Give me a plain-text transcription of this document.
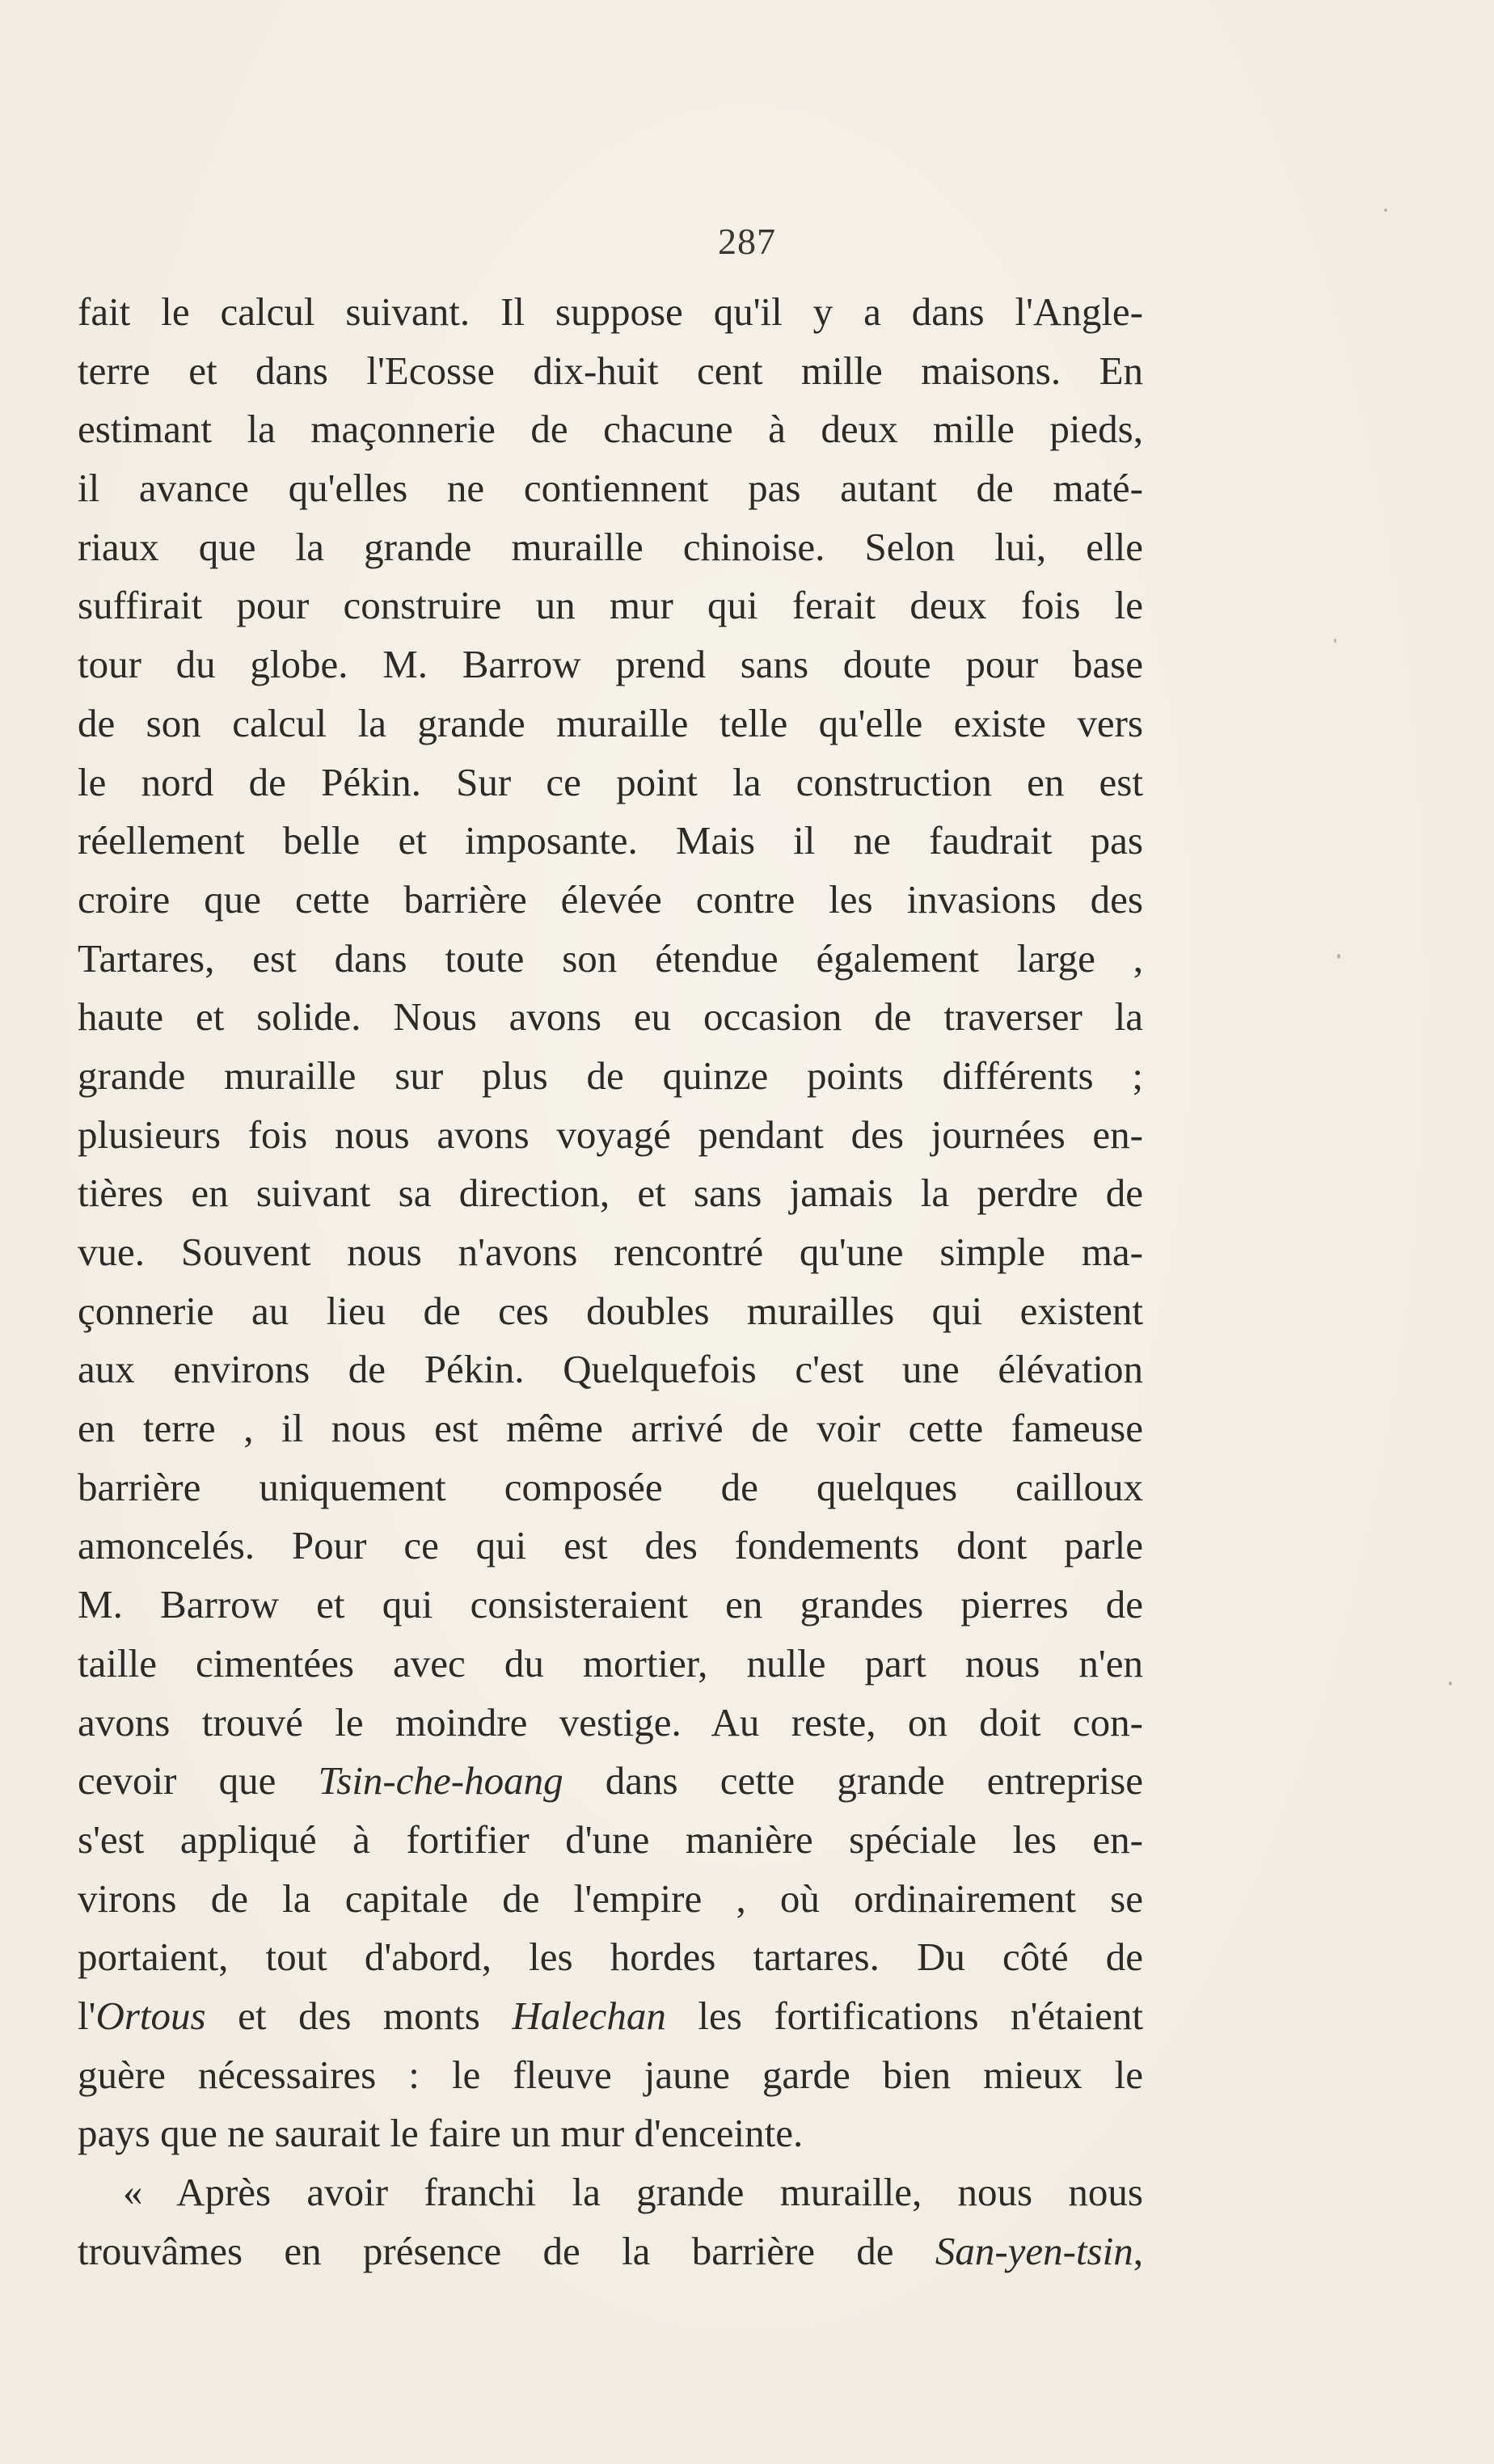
287
fait le calcul suivant. Il suppose qu'il y a dans l'Angle-
terre et dans l'Ecosse dix-huit cent mille maisons. En
estimant la maçonnerie de chacune à deux mille pieds,
il avance qu'elles ne contiennent pas autant de maté-
riaux que la grande muraille chinoise. Selon lui, elle
suffirait pour construire un mur qui ferait deux fois le
tour du globe. M. Barrow prend sans doute pour base
de son calcul la grande muraille telle qu'elle existe vers
le nord de Pékin. Sur ce point la construction en est
réellement belle et imposante. Mais il ne faudrait pas
croire que cette barrière élevée contre les invasions des
Tartares, est dans toute son étendue également large ,
haute et solide. Nous avons eu occasion de traverser la
grande muraille sur plus de quinze points différents ;
plusieurs fois nous avons voyagé pendant des journées en-
tières en suivant sa direction, et sans jamais la perdre de
vue. Souvent nous n'avons rencontré qu'une simple ma-
çonnerie au lieu de ces doubles murailles qui existent
aux environs de Pékin. Quelquefois c'est une élévation
en terre , il nous est même arrivé de voir cette fameuse
barrière uniquement composée de quelques cailloux
amoncelés. Pour ce qui est des fondements dont parle
M. Barrow et qui consisteraient en grandes pierres de
taille cimentées avec du mortier, nulle part nous n'en
avons trouvé le moindre vestige. Au reste, on doit con-
cevoir que Tsin-che-hoang dans cette grande entreprise
s'est appliqué à fortifier d'une manière spéciale les en-
virons de la capitale de l'empire , où ordinairement se
portaient, tout d'abord, les hordes tartares. Du côté de
l'Ortous et des monts Halechan les fortifications n'étaient
guère nécessaires : le fleuve jaune garde bien mieux le
pays que ne saurait le faire un mur d'enceinte.
« Après avoir franchi la grande muraille, nous nous
trouvâmes en présence de la barrière de San-yen-tsin,
